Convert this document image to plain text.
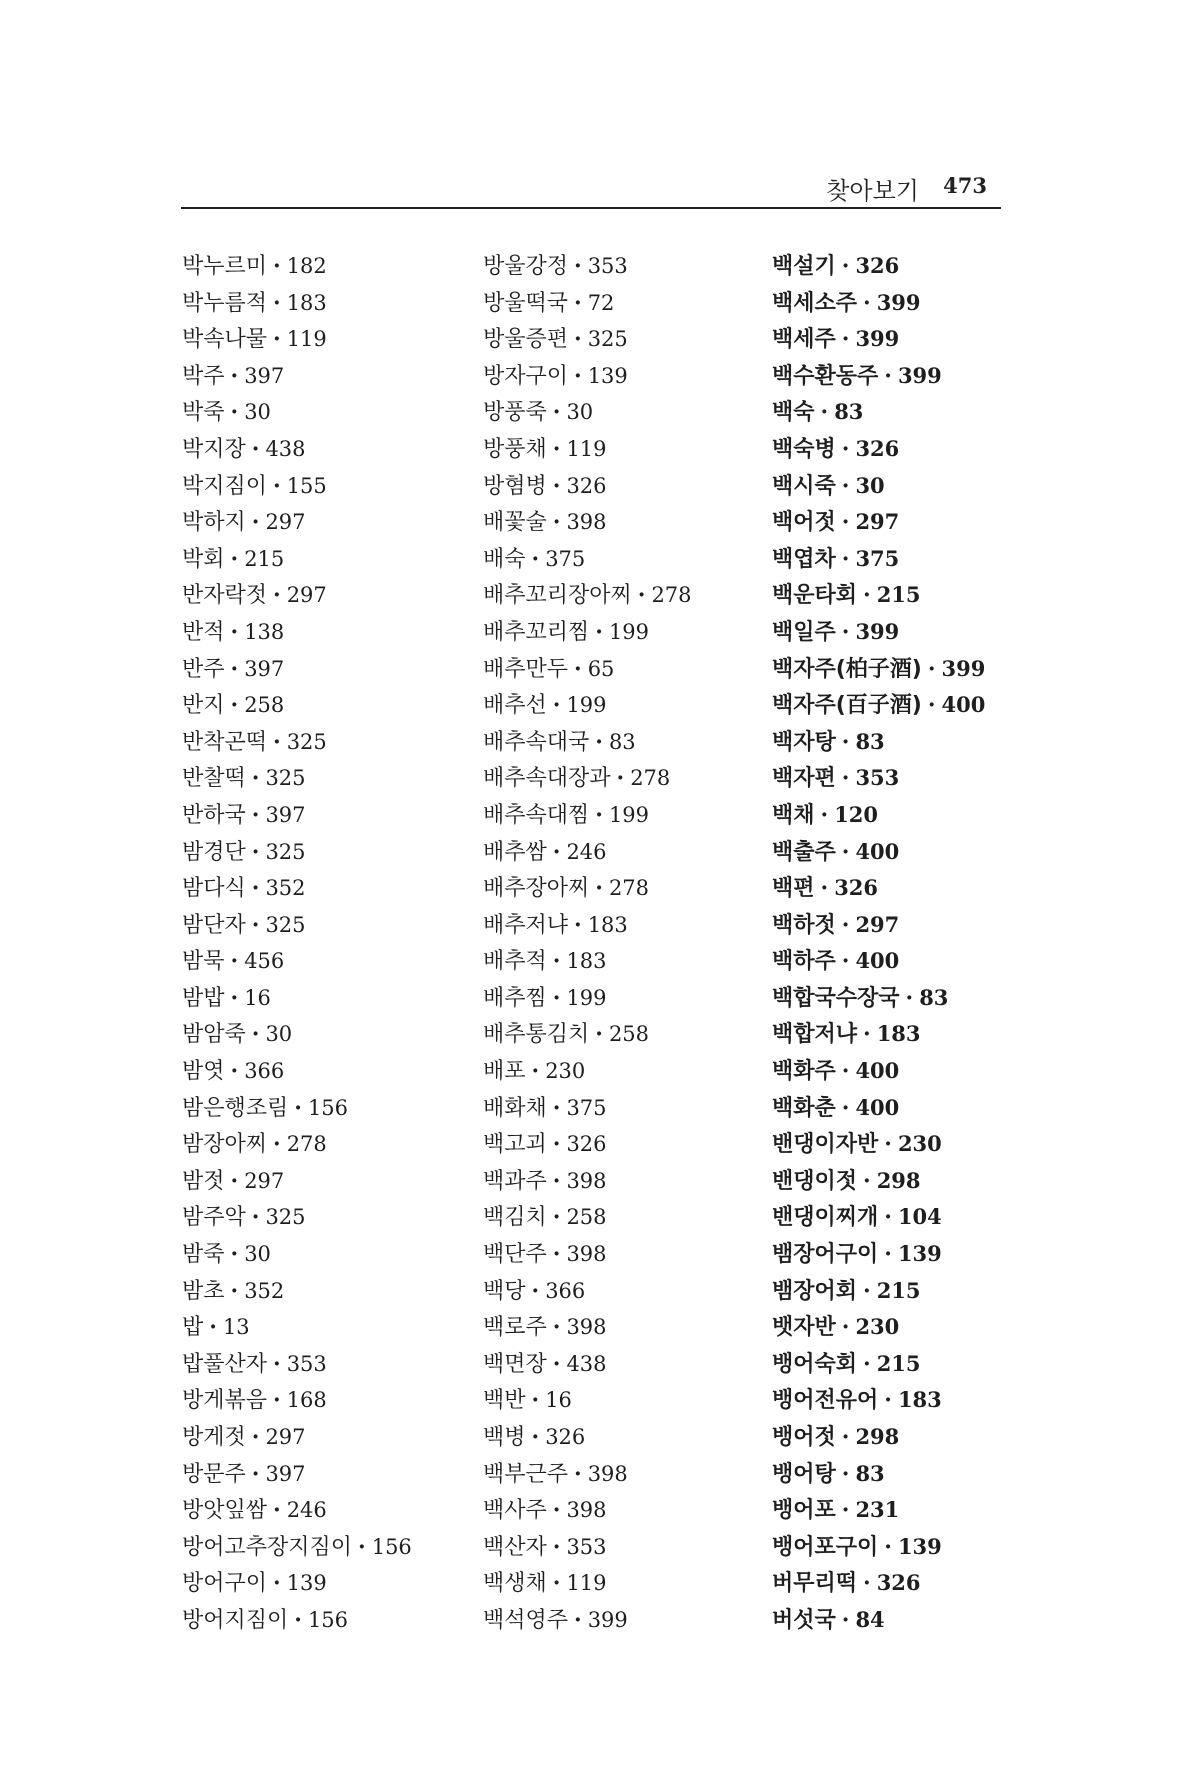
찾아보기 473
박누르미 · 182
박누름적 · 183
박속나물 · 119
박주 · 397
박죽 · 30
박지장 · 438
박지짐이 · 155
박하지 · 297
박회 · 215
반자락젓 · 297
반적 · 138
반주 · 397
반지 · 258
반착곤떡 · 325
반찰떡 · 325
반하국 · 397
밤경단 · 325
밤다식 · 352
밤단자 · 325
밤묵 · 456
밤밥 · 16
밤암죽 · 30
밤엿 · 366
밤은행조림 · 156
밤장아찌 · 278
밤젓 · 297
밤주악 · 325
밤죽 · 30
밤초 · 352
밥 · 13
밥풀산자 · 353
방게볶음 · 168
방게젓 · 297
방문주 · 397
방앗잎쌈 · 246
방어고추장지짐이 · 156
방어구이 · 139
방어지짐이 · 156
방울강정 · 353
방울떡국 · 72
방울증편 · 325
방자구이 · 139
방풍죽 · 30
방풍채 · 119
방혐병 · 326
배꽃술 · 398
배숙 · 375
배추꼬리장아찌 · 278
배추꼬리찜 · 199
배추만두 · 65
배추선 · 199
배추속대국 · 83
배추속대장과 · 278
배추속대찜 · 199
배추쌈 · 246
배추장아찌 · 278
배추저냐 · 183
배추적 · 183
배추찜 · 199
배추통김치 · 258
배포 · 230
배화채 · 375
백고괴 · 326
백과주 · 398
백김치 · 258
백단주 · 398
백당 · 366
백로주 · 398
백면장 · 438
백반 · 16
백병 · 326
백부근주 · 398
백사주 · 398
백산자 · 353
백생채 · 119
백석영주 · 399
백설기 · 326
백세소주 · 399
백세주 · 399
백수환동주 · 399
백숙 · 83
백숙병 · 326
백시죽 · 30
백어젓 · 297
백엽차 · 375
백운타회 · 215
백일주 · 399
백자주(柏子酒) · 399
백자주(百子酒) · 400
백자탕 · 83
백자편 · 353
백채 · 120
백출주 · 400
백편 · 326
백하젓 · 297
백하주 · 400
백합국수장국 · 83
백합저냐 · 183
백화주 · 400
백화춘 · 400
밴댕이자반 · 230
밴댕이젓 · 298
밴댕이찌개 · 104
뱀장어구이 · 139
뱀장어회 · 215
뱃자반 · 230
뱅어숙회 · 215
뱅어전유어 · 183
뱅어젓 · 298
뱅어탕 · 83
뱅어포 · 231
뱅어포구이 · 139
버무리떡 · 326
버섯국 · 84
